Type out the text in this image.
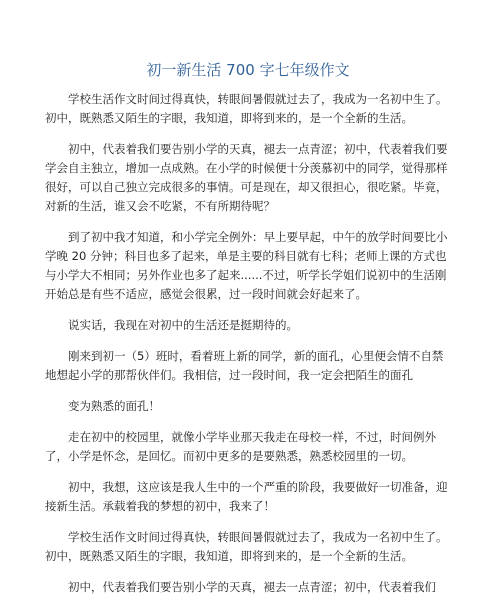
初一新生活 700 字七年级作文

学校生活作文时间过得真快，转眼间暑假就过去了，我成为一名初中生了。初中，既熟悉又陌生的字眼，我知道，即将到来的，是一个全新的生活。

初中，代表着我们要告别小学的天真，褪去一点青涩；初中，代表着我们要学会自主独立，增加一点成熟。在小学的时候便十分羡慕初中的同学，觉得那样很好，可以自己独立完成很多的事情。可是现在，却又很担心，很吃紧。毕竟，对新的生活，谁又会不吃紧，不有所期待呢？

到了初中我才知道，和小学完全例外：早上要早起，中午的放学时间要比小学晚 20 分钟；科目也多了起来，单是主要的科目就有七科；老师上课的方式也与小学大不相同；另外作业也多了起来......不过，听学长学姐们说初中的生活刚开始总是有些不适应，感觉会很累，过一段时间就会好起来了。

说实话，我现在对初中的生活还是挺期待的。

刚来到初一（5）班时，看着班上新的同学，新的面孔，心里便会情不自禁地想起小学的那帮伙伴们。我相信，过一段时间，我一定会把陌生的面孔

变为熟悉的面孔！

走在初中的校园里，就像小学毕业那天我走在母校一样，不过，时间例外了，小学是怀念，是回忆。而初中更多的是要熟悉，熟悉校园里的一切。

初中，我想，这应该是我人生中的一个严重的阶段，我要做好一切准备，迎接新生活。承载着我的梦想的初中，我来了！

学校生活作文时间过得真快，转眼间暑假就过去了，我成为一名初中生了。初中，既熟悉又陌生的字眼，我知道，即将到来的，是一个全新的生活。

初中，代表着我们要告别小学的天真，褪去一点青涩；初中，代表着我们
